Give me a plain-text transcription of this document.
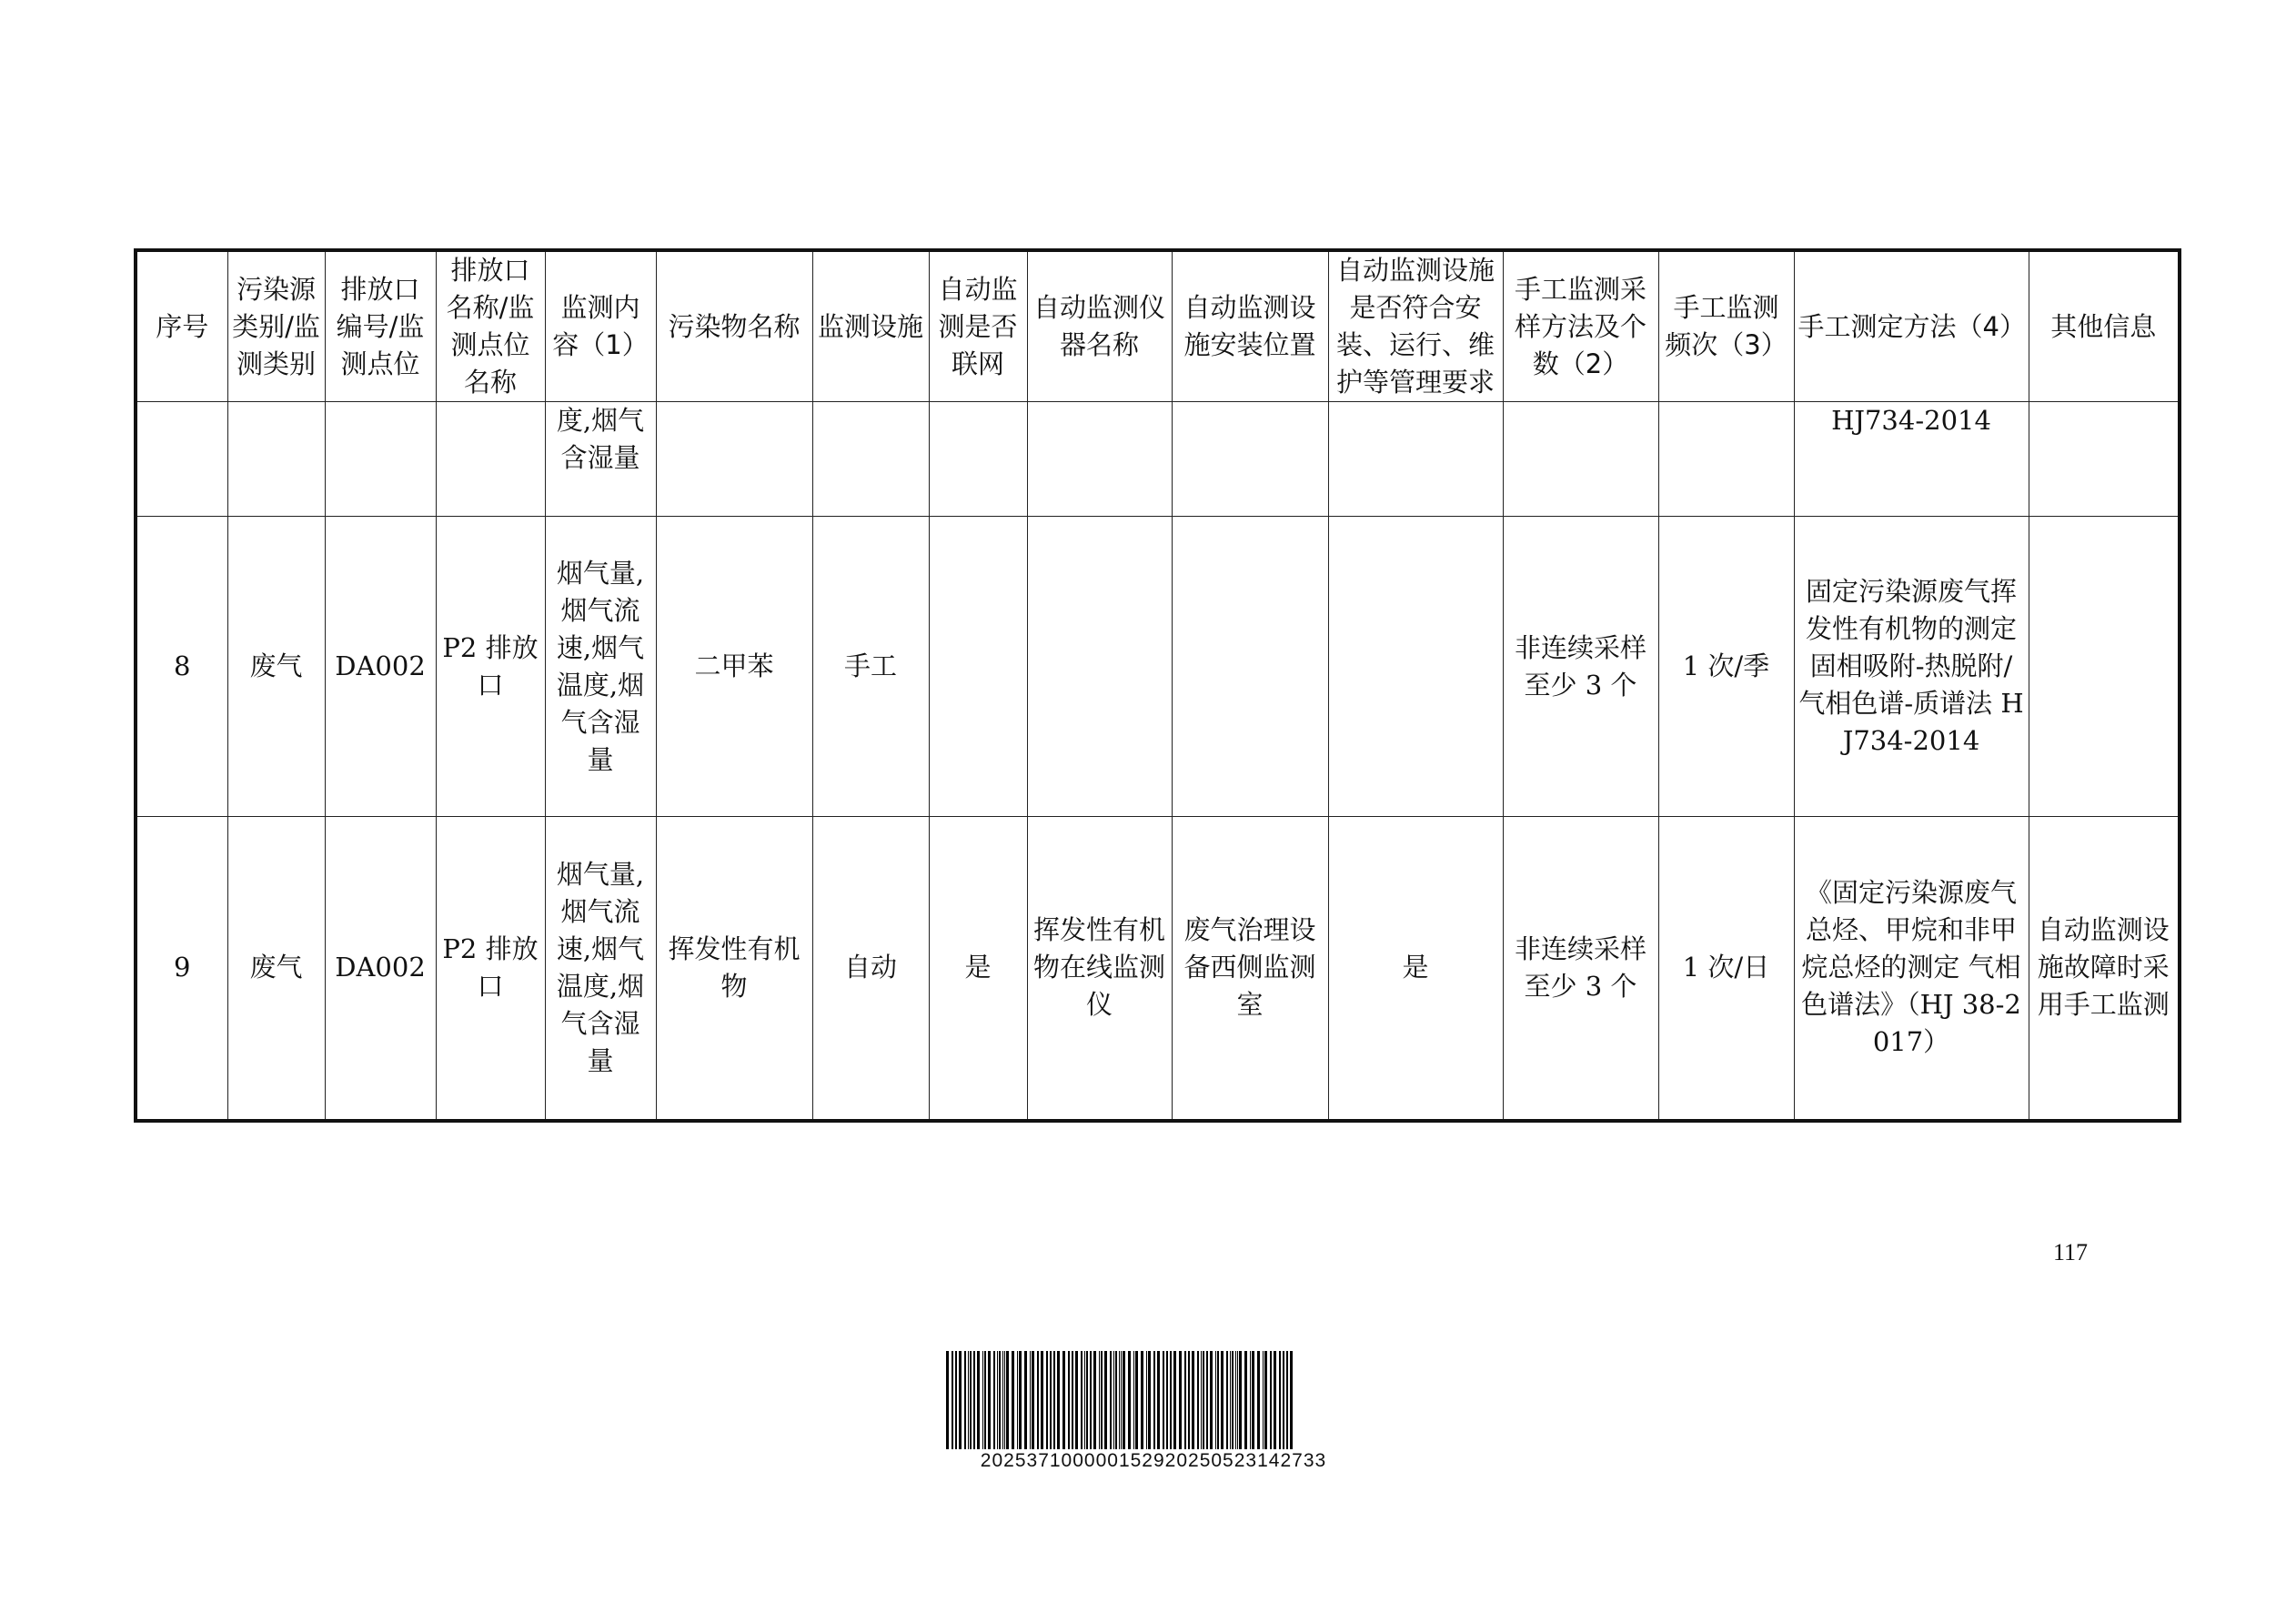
序号	污染源类别/监测类别	排放口编号/监测点位	排放口名称/监测点位名称	监测内容（1）	污染物名称	监测设施	自动监测是否联网	自动监测仪器名称	自动监测设施安装位置	自动监测设施是否符合安装、运行、维护等管理要求	手工监测采样方法及个数（2）	手工监测频次（3）	手工测定方法（4）	其他信息
				度,烟气含湿量									HJ734-2014	
8	废气	DA002	P2 排放口	烟气量,烟气流速,烟气温度,烟气含湿量	二甲苯	手工					非连续采样 至少 3 个	1 次/季	固定污染源废气挥发性有机物的测定 固相吸附-热脱附/气相色谱-质谱法 HJ734-2014	
9	废气	DA002	P2 排放口	烟气量,烟气流速,烟气温度,烟气含湿量	挥发性有机物	自动	是	挥发性有机物在线监测仪	废气治理设备西侧监测室	是	非连续采样 至少 3 个	1 次/日	《固定污染源废气 总烃、甲烷和非甲烷总烃的测定 气相色谱法》（HJ 38-2017）	自动监测设施故障时采用手工监测
117
20253710000015292025052314273​3
